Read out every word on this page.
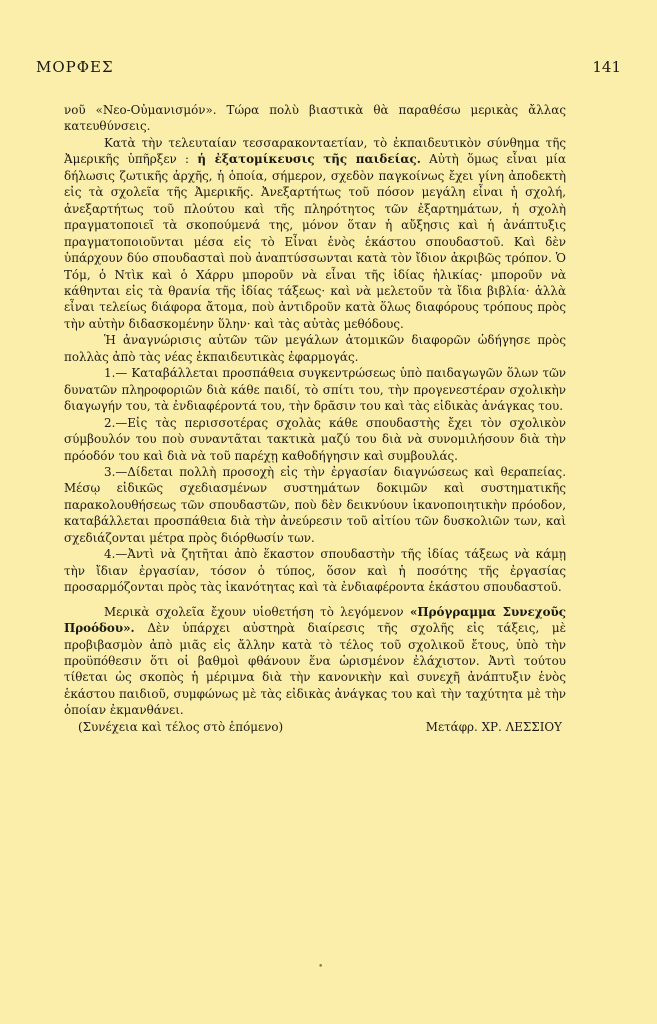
ΜΟΡΦΕΣ	141

νοῦ «Νεο-Οὐμανισμόν». Τώρα πολὺ βιαστικὰ θὰ παραθέσω μερικὰς ἄλλας κατευθύνσεις.

Κατὰ τὴν τελευταίαν τεσσαρακονταετίαν, τὸ ἐκπαιδευτικὸν σύνθημα τῆς Ἀμερικῆς ὑπῆρξεν : ἡ ἐξατομίκευσις τῆς παιδείας. Αὐτὴ ὅμως εἶναι μία δήλωσις ζωτικῆς ἀρχῆς, ἡ ὁποία, σήμερον, σχεδὸν παγκοίνως ἔχει γίνη ἀποδεκτὴ εἰς τὰ σχολεῖα τῆς Ἀμερικῆς. Ἀνεξαρτήτως τοῦ πόσον μεγάλη εἶναι ἡ σχολή, ἀνεξαρτήτως τοῦ πλούτου καὶ τῆς πληρότητος τῶν ἐξαρτημάτων, ἡ σχολὴ πραγματοποιεῖ τὰ σκοπούμενά της, μόνον ὅταν ἡ αὔξησις καὶ ἡ ἀνάπτυξις πραγματοποιοῦνται μέσα εἰς τὸ Εἶναι ἑνὸς ἑκάστου σπουδαστοῦ. Καὶ δὲν ὑπάρχουν δύο σπουδασταὶ ποὺ ἀναπτύσσωνται κατὰ τὸν ἴδιον ἀκριβῶς τρόπον. Ὁ Τόμ, ὁ Ντὶκ καὶ ὁ Χάρρυ μποροῦν νὰ εἶναι τῆς ἰδίας ἡλικίας· μποροῦν νὰ κάθηνται εἰς τὰ θρανία τῆς ἰδίας τάξεως· καὶ νὰ μελετοῦν τὰ ἴδια βιβλία· ἀλλὰ εἶναι τελείως διάφορα ἄτομα, ποὺ ἀντιδροῦν κατὰ ὅλως διαφόρους τρόπους πρὸς τὴν αὐτὴν διδασκομένην ὕλην· καὶ τὰς αὐτὰς μεθόδους.

Ἡ ἀναγνώρισις αὐτῶν τῶν μεγάλων ἀτομικῶν διαφορῶν ὡδήγησε πρὸς πολλὰς ἀπὸ τὰς νέας ἐκπαιδευτικὰς ἐφαρμογάς.

1.— Καταβάλλεται προσπάθεια συγκεντρώσεως ὑπὸ παιδαγωγῶν ὅλων τῶν δυνατῶν πληροφοριῶν διὰ κάθε παιδί, τὸ σπίτι του, τὴν προγενεστέραν σχολικὴν διαγωγήν του, τὰ ἐνδιαφέροντά του, τὴν δρᾶσιν του καὶ τὰς εἰδικὰς ἀνάγκας του.

2.—Εἰς τὰς περισσοτέρας σχολὰς κάθε σπουδαστὴς ἔχει τὸν σχολικὸν σύμβουλόν του ποὺ συναντᾶται τακτικὰ μαζύ του διὰ νὰ συνομιλήσουν διὰ τὴν πρόοδόν του καὶ διὰ νὰ τοῦ παρέχῃ καθοδήγησιν καὶ συμβουλάς.

3.—Δίδεται πολλὴ προσοχὴ εἰς τὴν ἐργασίαν διαγνώσεως καὶ θεραπείας. Μέσῳ εἰδικῶς σχεδιασμένων συστημάτων δοκιμῶν καὶ συστηματικῆς παρακολουθήσεως τῶν σπουδαστῶν, ποὺ δὲν δεικνύουν ἱκανοποιητικὴν πρόοδον, καταβάλλεται προσπάθεια διὰ τὴν ἀνεύρεσιν τοῦ αἰτίου τῶν δυσκολιῶν των, καὶ σχεδιάζονται μέτρα πρὸς διόρθωσίν των.

4.—Ἀντὶ νὰ ζητῆται ἀπὸ ἕκαστον σπουδαστὴν τῆς ἰδίας τάξεως νὰ κάμῃ τὴν ἴδιαν ἐργασίαν, τόσον ὁ τύπος, ὅσον καὶ ἡ ποσότης τῆς ἐργασίας προσαρμόζονται πρὸς τὰς ἱκανότητας καὶ τὰ ἐνδιαφέροντα ἑκάστου σπουδαστοῦ.

Μερικὰ σχολεῖα ἔχουν υἱοθετήση τὸ λεγόμενον «Πρόγραμμα Συνεχοῦς Προόδου». Δὲν ὑπάρχει αὐστηρὰ διαίρεσις τῆς σχολῆς εἰς τάξεις, μὲ προβιβασμὸν ἀπὸ μιᾶς εἰς ἄλλην κατὰ τὸ τέλος τοῦ σχολικοῦ ἔτους, ὑπὸ τὴν προϋπόθεσιν ὅτι οἱ βαθμοὶ φθάνουν ἕνα ὡρισμένον ἐλάχιστον. Ἀντὶ τούτου τίθεται ὡς σκοπὸς ἡ μέριμνα διὰ τὴν κανονικὴν καὶ συνεχῆ ἀνάπτυξιν ἑνὸς ἑκάστου παιδιοῦ, συμφώνως μὲ τὰς εἰδικὰς ἀνάγκας του καὶ τὴν ταχύτητα μὲ τὴν ὁποίαν ἐκμανθάνει.

(Συνέχεια καὶ τέλος στὸ ἑπόμενο)	Μετάφρ. ΧΡ. ΛΕΣΣΙΟΥ
•
